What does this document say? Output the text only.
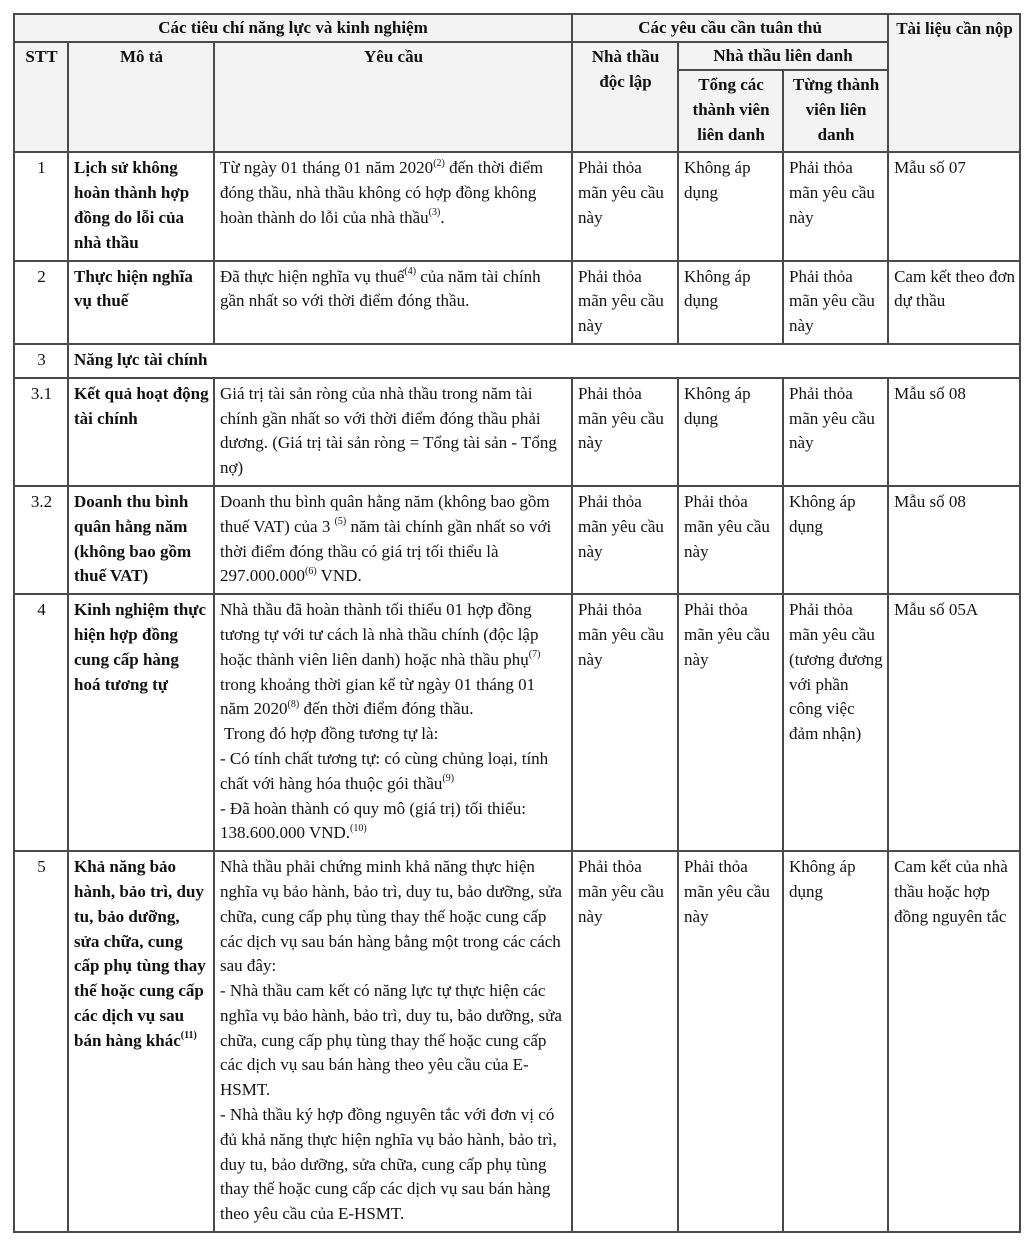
Các tiêu chí năng lực và kinh nghiệm			Các yêu cầu cần tuân thủ			Tài liệu cần nộp
STT	Mô tả	Yêu cầu	Nhà thầu độc lập	Nhà thầu liên danh		
				Tổng các thành viên liên danh	Từng thành viên liên danh	
1	Lịch sử không hoàn thành hợp đồng do lỗi của nhà thầu	Từ ngày 01 tháng 01 năm 2020$^{(2)}$ đến thời điểm đóng thầu, nhà thầu không có hợp đồng không hoàn thành do lỗi của nhà thầu$^{(3)}$.	Phải thỏa mãn yêu cầu này	Không áp dụng	Phải thỏa mãn yêu cầu này	Mẫu số 07
2	Thực hiện nghĩa vụ thuế	Đã thực hiện nghĩa vụ thuế$^{(4)}$ của năm tài chính gần nhất so với thời điểm đóng thầu.	Phải thỏa mãn yêu cầu này	Không áp dụng	Phải thỏa mãn yêu cầu này	Cam kết theo đơn dự thầu
3	Năng lực tài chính					
3.1	Kết quả hoạt động tài chính	Giá trị tài sản ròng của nhà thầu trong năm tài chính gần nhất so với thời điểm đóng thầu phải dương. (Giá trị tài sản ròng = Tổng tài sản - Tổng nợ)	Phải thỏa mãn yêu cầu này	Không áp dụng	Phải thỏa mãn yêu cầu này	Mẫu số 08
3.2	Doanh thu bình quân hằng năm (không bao gồm thuế VAT)	Doanh thu bình quân hằng năm (không bao gồm thuế VAT) của 3 $^{(5)}$ năm tài chính gần nhất so với thời điểm đóng thầu có giá trị tối thiểu là 297.000.000$^{(6)}$ VND.	Phải thỏa mãn yêu cầu này	Phải thỏa mãn yêu cầu này	Không áp dụng	Mẫu số 08
4	Kinh nghiệm thực hiện hợp đồng cung cấp hàng hoá tương tự	Nhà thầu đã hoàn thành tối thiểu 01 hợp đồng tương tự với tư cách là nhà thầu chính (độc lập hoặc thành viên liên danh) hoặc nhà thầu phụ$^{(7)}$ trong khoảng thời gian kể từ ngày 01 tháng 01 năm 2020$^{(8)}$ đến thời điểm đóng thầu.
Trong đó hợp đồng tương tự là:
- Có tính chất tương tự: có cùng chủng loại, tính chất với hàng hóa thuộc gói thầu$^{(9)}$
- Đã hoàn thành có quy mô (giá trị) tối thiểu: 138.600.000 VND.$^{(10)}$	Phải thỏa mãn yêu cầu này	Phải thỏa mãn yêu cầu này	Phải thỏa mãn yêu cầu (tương đương với phần công việc đảm nhận)	Mẫu số 05A
5	Khả năng bảo hành, bảo trì, duy tu, bảo dưỡng, sửa chữa, cung cấp phụ tùng thay thế hoặc cung cấp các dịch vụ sau bán hàng khác$^{(11)}$	Nhà thầu phải chứng minh khả năng thực hiện nghĩa vụ bảo hành, bảo trì, duy tu, bảo dưỡng, sửa chữa, cung cấp phụ tùng thay thế hoặc cung cấp các dịch vụ sau bán hàng bằng một trong các cách sau đây:
- Nhà thầu cam kết có năng lực tự thực hiện các nghĩa vụ bảo hành, bảo trì, duy tu, bảo dưỡng, sửa chữa, cung cấp phụ tùng thay thế hoặc cung cấp các dịch vụ sau bán hàng theo yêu cầu của E-HSMT.
- Nhà thầu ký hợp đồng nguyên tắc với đơn vị có đủ khả năng thực hiện nghĩa vụ bảo hành, bảo trì, duy tu, bảo dưỡng, sửa chữa, cung cấp phụ tùng thay thế hoặc cung cấp các dịch vụ sau bán hàng theo yêu cầu của E-HSMT.	Phải thỏa mãn yêu cầu này	Phải thỏa mãn yêu cầu này	Không áp dụng	Cam kết của nhà thầu hoặc hợp đồng nguyên tắc
